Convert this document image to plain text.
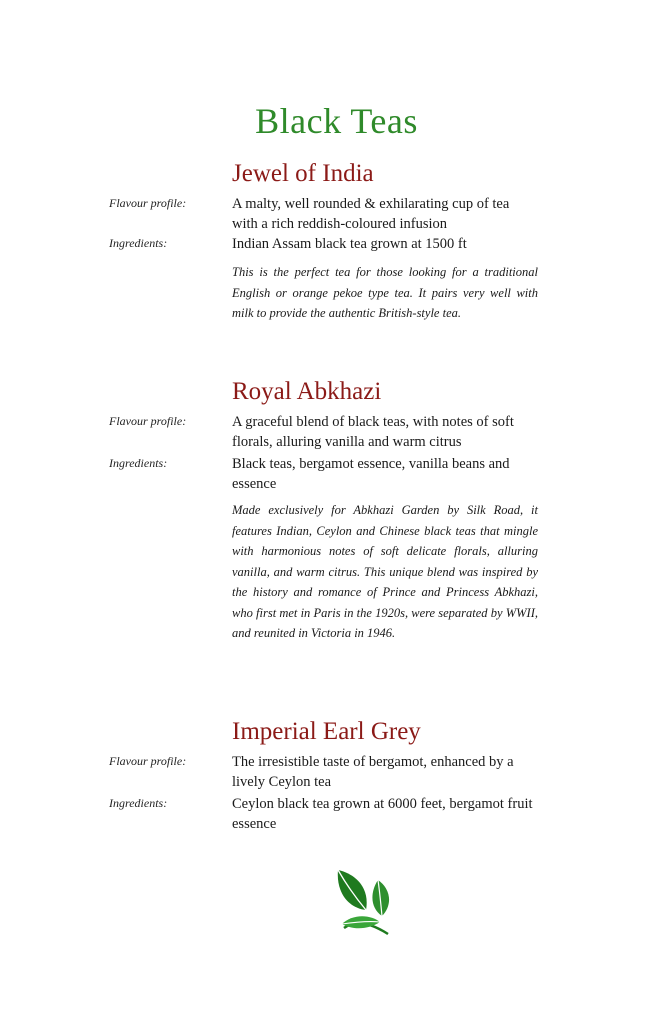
Black Teas
Jewel of India
Flavour profile:	A malty, well rounded & exhilarating cup of tea with a rich reddish-coloured infusion
Ingredients:	Indian Assam black tea grown at 1500 ft
This is the perfect tea for those looking for a traditional English or orange pekoe type tea. It pairs very well with milk to provide the authentic British-style tea.
Royal Abkhazi
Flavour profile:	A graceful blend of black teas, with notes of soft florals, alluring vanilla and warm citrus
Ingredients:	Black teas, bergamot essence, vanilla beans and essence
Made exclusively for Abkhazi Garden by Silk Road, it features Indian, Ceylon and Chinese black teas that mingle with harmonious notes of soft delicate florals, alluring vanilla, and warm citrus. This unique blend was inspired by the history and romance of Prince and Princess Abkhazi, who first met in Paris in the 1920s, were separated by WWII, and reunited in Victoria in 1946.
Imperial Earl Grey
Flavour profile:	The irresistible taste of bergamot, enhanced by a lively Ceylon tea
Ingredients:	Ceylon black tea grown at 6000 feet, bergamot fruit essence
